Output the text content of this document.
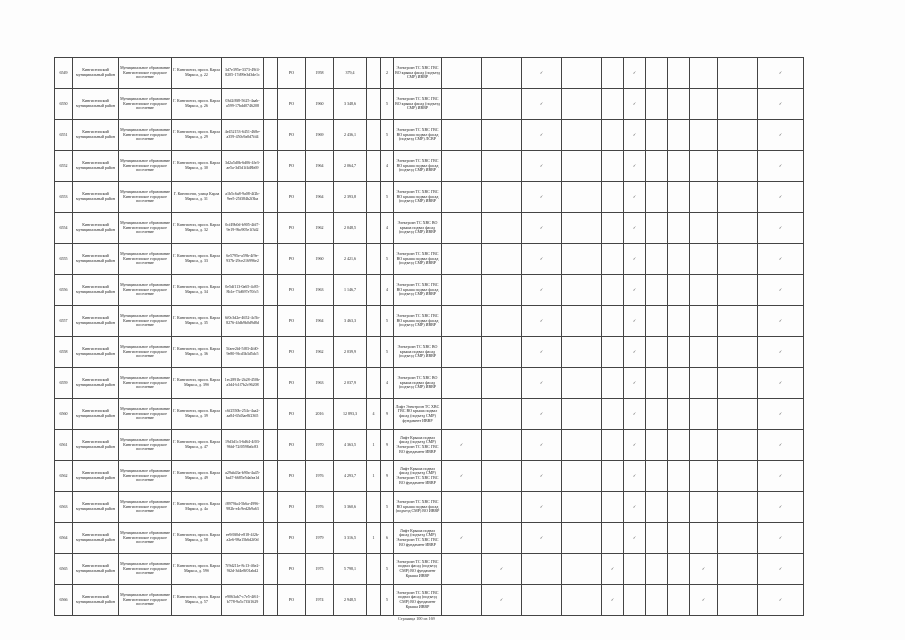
6549	Кингисеппский муниципальный район	Муниципальное образование Кингисеппское городское поселение	Г. Кингисепп, просп. Карла Маркса, д. 22	3d7e395e-3373-49f4-8205-17d99e3d3de1c		РО	1958	379,4		2	Электроэн ТС ХВС ГВС ВО крыша фасад (подъезд СМР) ИВВР			✓			✓					✓
6550	Кингисеппский муниципальный район	Муниципальное образование Кингисеппское городское поселение	Г. Кингисепп, просп. Карла Маркса, д. 26	03d2f8f8-5625-4aab-a599-17bdd0746208		РО	1960	3 348,6		5	Электроэн ТС ХВС ГВС ВО крыша фасад (подъезд СМР) ИВВР			✓			✓					✓
6551	Кингисеппский муниципальный район	Муниципальное образование Кингисеппское городское поселение	Г. Кингисепп, просп. Карла Маркса, д. 29	4e452153-6451-468e-a359-450c9a0d7fd4		РО	1969	2 436,1		5	Электроэн ТС ХВС ГВС ВО крыша подвал фасад (подъезд СМР) ЛСВР			✓			✓					✓
6552	Кингисеппский муниципальный район	Муниципальное образование Кингисеппское городское поселение	Г. Кингисепп, просп. Карла Маркса, д. 30	3d2a5d0b-6d06-4fe3-ae5a-3d5d1f4d8b69		РО	1964	2 064,7		4	Электроэн ТС ХВС ГВС ВО крыша подвал фасад (подъезд СМР) ИВВР			✓			✓					✓
6553	Кингисеппский муниципальный район	Муниципальное образование Кингисеппское городское поселение	Г. Кингисепп, улица Карла Маркса, д. 31	a1b5c6a8-9a08-4f2b-9ee5-25f384b2f3ba		РО	1964	2 393,8		5	Электроэн ТС ХВС ГВС ВО крыша подвал фасад (подъезд СМР) ИВВР			✓			✓					✓
6554	Кингисеппский муниципальный район	Муниципальное образование Кингисеппское городское поселение	Г. Кингисепп, просп. Карла Маркса, д. 32	0cf49b0d-b905-4fd7-9e19-9bc905e1f3d2		РО	1962	2 048,5		4	Электроэн ТС ХВС ВО крыша подвал фасад (подъезд СМР) ИВВР			✓			✓					✓
6555	Кингисеппский муниципальный район	Муниципальное образование Кингисеппское городское поселение	Г. Кингисепп, просп. Карла Маркса, д. 33	6e5795e-a59b-4f9e-937b-29ce216996e2		РО	1960	2 421,6		5	Электроэн ТС ХВС ГВС ВО крыша подвал фасад (подъезд СМР) ИВВР			✓			✓					✓
6556	Кингисеппский муниципальный район	Муниципальное образование Кингисеппское городское поселение	Г. Кингисепп, просп. Карла Маркса, д. 34	0e5df113-0a65-4c85-8b1e-73d697e70fc5		РО	1963	1 146,7		4	Электроэн ТС ХВС ГВС ВО крыша подвал фасад (подъезд СМР) ИВВР			✓			✓					✓
6557	Кингисеппский муниципальный район	Муниципальное образование Кингисеппское городское поселение	Г. Кингисепп, просп. Карла Маркса, д. 35	6f0c3d2e-4652-4c5b-8276-4fdb9b0d9d8d		РО	1964	3 463,3		5	Электроэн ТС ХВС ГВС ВО крыша подвал фасад (подъезд СМР) ИВВР			✓			✓					✓
6558	Кингисеппский муниципальный район	Муниципальное образование Кингисеппское городское поселение	Г. Кингисепп, просп. Карла Маркса, д. 36	5faee2fd-5f83-4fd0-9e80-9fcd3b3d5dc5		РО	1962	2 039,9		5	Электроэн ТС ХВС ВО крыша подвал фасад (подъезд СМР) ИВВР			✓			✓					✓
6559	Кингисеппский муниципальный район	Муниципальное образование Кингисеппское городское поселение	Г. Кингисепп, просп. Карла Маркса, д. 39б	1ec2891b-2b28-450b-a3d4-b1f7b2c96208		РО	1963	2 037,9		4	Электроэн ТС ХВС ВО крыша подвал фасад (подъезд СМР) ИВВР			✓			✓					✓
6560	Кингисеппский муниципальный район	Муниципальное образование Кингисеппское городское поселение	Г. Кингисепп, просп. Карла Маркса, д. 39	c6f2550b-254c-4aa2-aa84-65d3ae8f2365		РО	2016	12 893,3	4	9	Лифт Электроэн ТС ХВС ГВС ВО крыша подвал фасад (подъезд СМР) фундамент ИВВР			✓			✓					✓
6561	Кингисеппский муниципальный район	Муниципальное образование Кингисеппское городское поселение	Г. Кингисепп, просп. Карла Маркса, д. 47	19d3d1c3-6d64-4f03-96fd-72f0598a6c83		РО	1970	4 363,5	1	9	Лифт Крыша подвал фасад (подъезд СМР) Электроэн ТС ХВС ГВС ВО фундамент ИВВР	✓		✓			✓					✓
6562	Кингисеппский муниципальный район	Муниципальное образование Кингисеппское городское поселение	Г. Кингисепп, просп. Карла Маркса, д. 49	a29ab43a-b90a-4a45-ba47-6685e5dafea1d		РО	1976	4 293,7	1	9	Лифт Крыша подвал фасад (подъезд СМР) Электроэн ТС ХВС ГВС ВО фундамент ИВВР	✓		✓			✓					✓
6563	Кингисеппский муниципальный район	Муниципальное образование Кингисеппское городское поселение	Г. Кингисепп, просп. Карла Маркса, д. 4а	f8979fa4-5b6a-4996-982b-e4c9ed2b9a63		РО	1976	3 360,6		5	Электроэн ТС ХВС ГВС ВО крыша подвал фасад (подъезд СМР) ВО ИВВР			✓			✓					✓
6564	Кингисеппский муниципальный район	Муниципальное образование Кингисеппское городское поселение	Г. Кингисепп, просп. Карла Маркса, д. 58	ee9f0f0d-e818-4f2b-a2e6-98a15b6d2f0d		РО	1979	3 316,5	1	6	Лифт Крыша подвал фасад (подъезд СМР) Электроэн ТС ХВС ГВС ВО фундамент ИВВР	✓		✓			✓					✓
6565	Кингисеппский муниципальный район	Муниципальное образование Кингисеппское городское поселение	Г. Кингисепп, просп. Карла Маркса, д. 59б	7f9d211e-8c13-46e2-9f2d-3d4e8f01abd2		РО	1975	5 798,1		5	Электроэн ТС ХВС ГВС подвал фасад (подъезд СМР) ВО фундамент Крыша ИВВР		✓			✓				✓		✓
6566	Кингисеппский муниципальный район	Муниципальное образование Кингисеппское городское поселение	Г. Кингисепп, просп. Карла Маркса, д. 57	e9063ab7-c7e5-4f61-b778-9a5c7f3f1629		РО	1974	2 948,5		5	Электроэн ТС ХВС ГВС подвал фасад (подъезд СМР) ВО фундамент Крыша ИВВР		✓			✓				✓		✓
Страница 100 из 169
